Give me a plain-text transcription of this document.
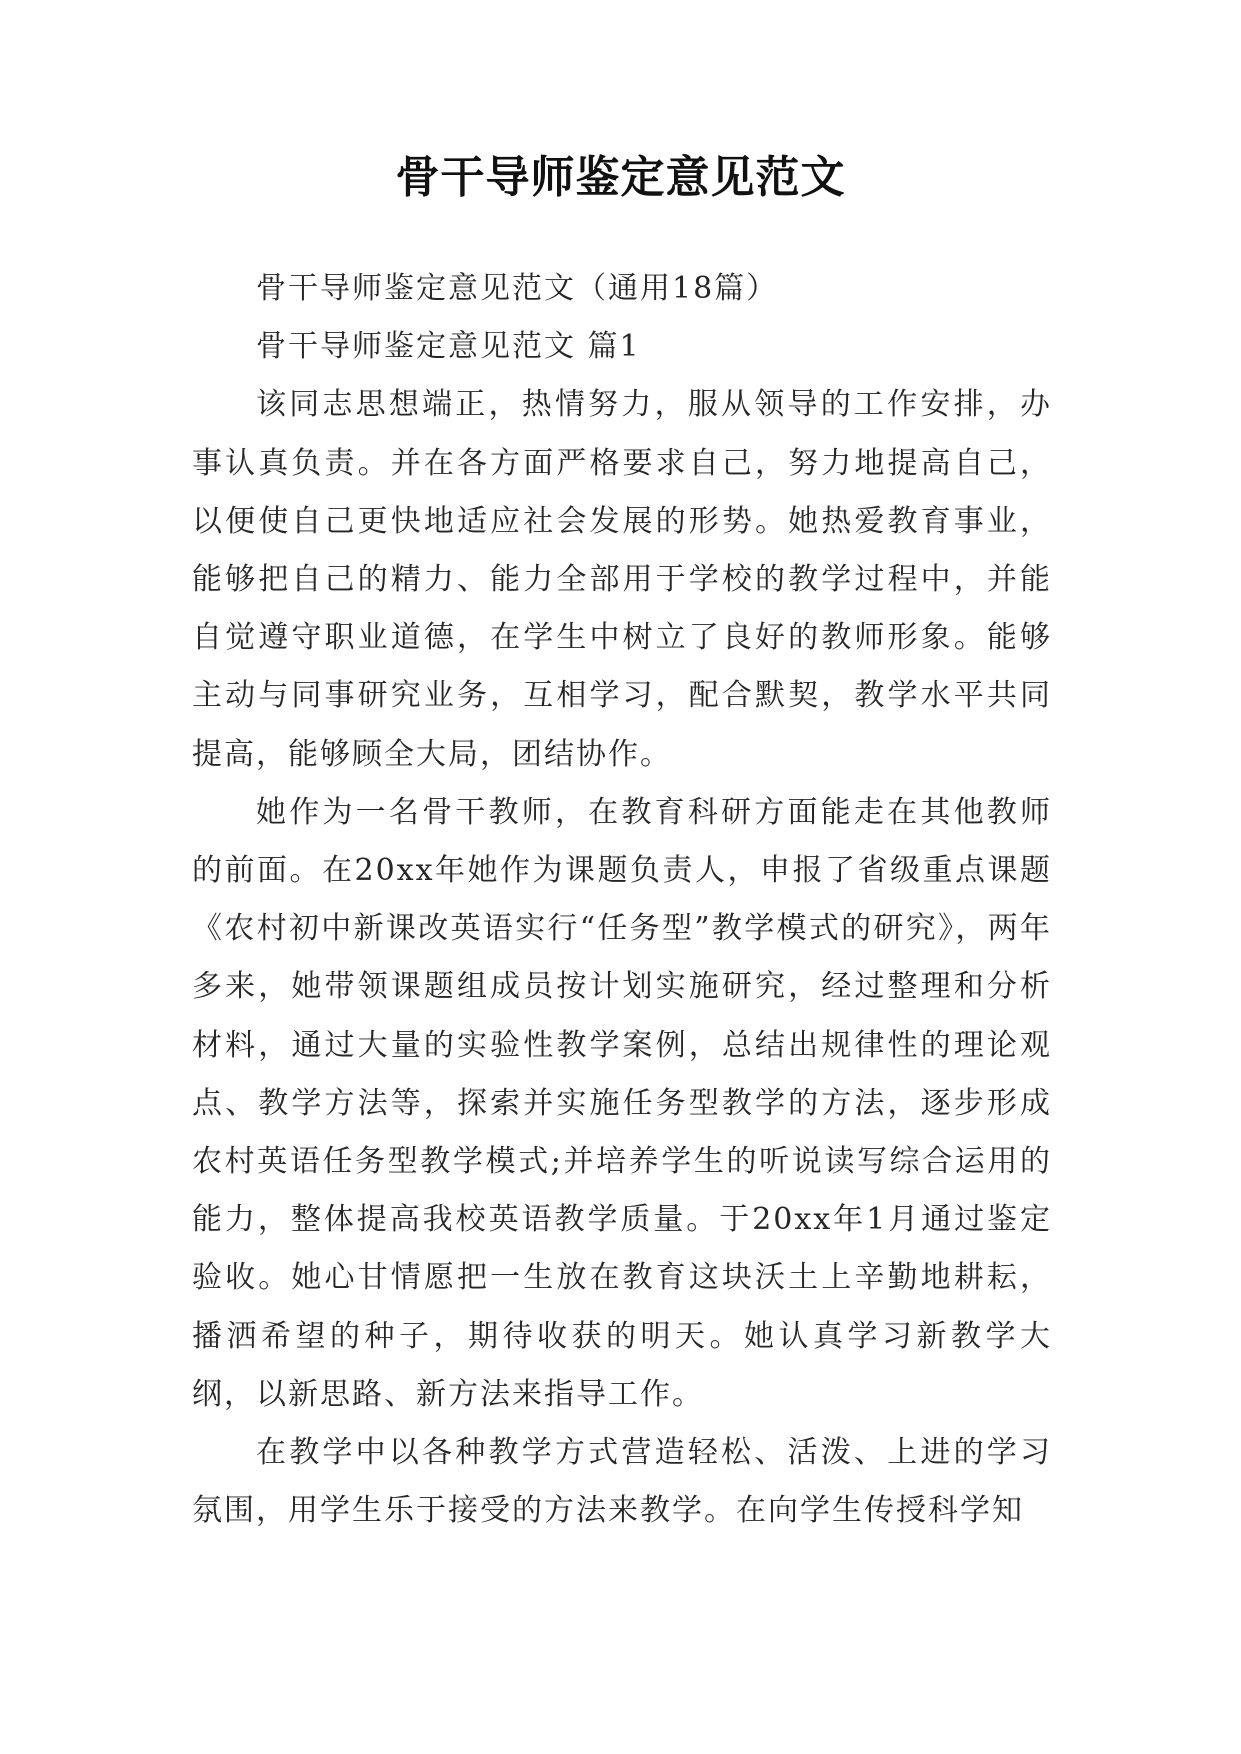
骨干导师鉴定意见范文

骨干导师鉴定意见范文（通用18篇）

骨干导师鉴定意见范文 篇1

该同志思想端正，热情努力，服从领导的工作安排，办事认真负责。并在各方面严格要求自己，努力地提高自己，以便使自己更快地适应社会发展的形势。她热爱教育事业，能够把自己的精力、能力全部用于学校的教学过程中，并能自觉遵守职业道德，在学生中树立了良好的教师形象。能够主动与同事研究业务，互相学习，配合默契，教学水平共同提高，能够顾全大局，团结协作。

她作为一名骨干教师，在教育科研方面能走在其他教师的前面。在20xx年她作为课题负责人，申报了省级重点课题《农村初中新课改英语实行“任务型”教学模式的研究》，两年多来，她带领课题组成员按计划实施研究，经过整理和分析材料，通过大量的实验性教学案例，总结出规律性的理论观点、教学方法等，探索并实施任务型教学的方法，逐步形成农村英语任务型教学模式;并培养学生的听说读写综合运用的能力，整体提高我校英语教学质量。于20xx年1月通过鉴定验收。她心甘情愿把一生放在教育这块沃土上辛勤地耕耘，播洒希望的种子，期待收获的明天。她认真学习新教学大纲，以新思路、新方法来指导工作。

在教学中以各种教学方式营造轻松、活泼、上进的学习氛围，用学生乐于接受的方法来教学。在向学生传授科学知
